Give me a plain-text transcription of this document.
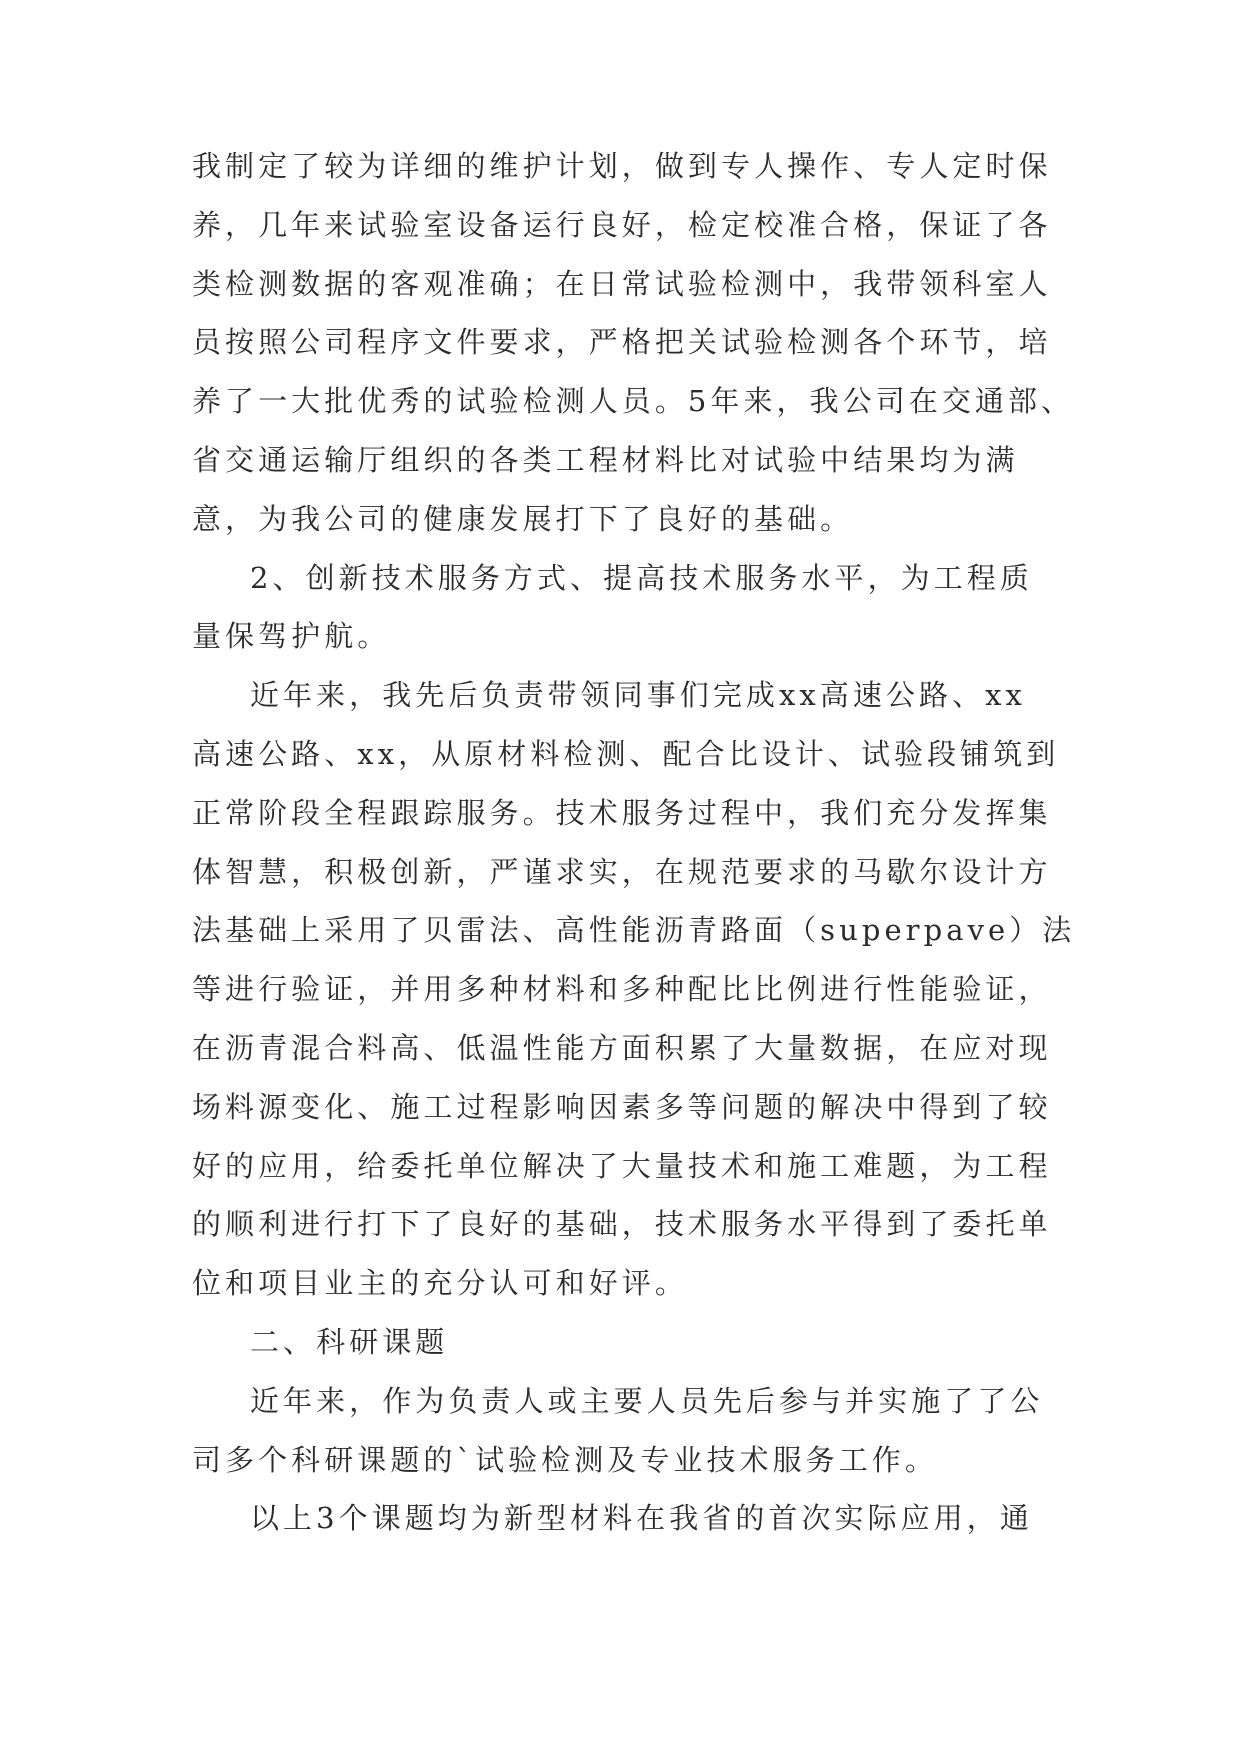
我制定了较为详细的维护计划，做到专人操作、专人定时保
养，几年来试验室设备运行良好，检定校准合格，保证了各
类检测数据的客观准确；在日常试验检测中，我带领科室人
员按照公司程序文件要求，严格把关试验检测各个环节，培
养了一大批优秀的试验检测人员。5年来，我公司在交通部、
省交通运输厅组织的各类工程材料比对试验中结果均为满
意，为我公司的健康发展打下了良好的基础。
2、创新技术服务方式、提高技术服务水平，为工程质
量保驾护航。
近年来，我先后负责带领同事们完成xx高速公路、xx
高速公路、xx，从原材料检测、配合比设计、试验段铺筑到
正常阶段全程跟踪服务。技术服务过程中，我们充分发挥集
体智慧，积极创新，严谨求实，在规范要求的马歇尔设计方
法基础上采用了贝雷法、高性能沥青路面（superpave）法
等进行验证，并用多种材料和多种配比比例进行性能验证，
在沥青混合料高、低温性能方面积累了大量数据，在应对现
场料源变化、施工过程影响因素多等问题的解决中得到了较
好的应用，给委托单位解决了大量技术和施工难题，为工程
的顺利进行打下了良好的基础，技术服务水平得到了委托单
位和项目业主的充分认可和好评。
二、科研课题
近年来，作为负责人或主要人员先后参与并实施了了公
司多个科研课题的`试验检测及专业技术服务工作。
以上3个课题均为新型材料在我省的首次实际应用，通
